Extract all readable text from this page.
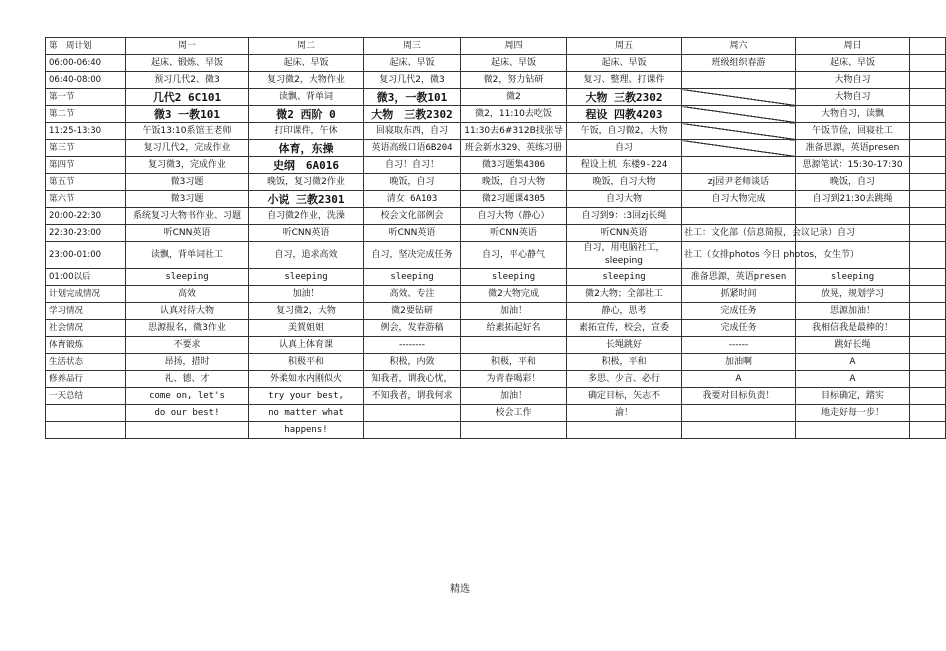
第　周计划	周一	周二	周三	周四	周五	周六	周日	
06:00-06:40	起床、锻炼、早饭	起床、早饭	起床、早饭	起床、早饭	起床、早饭	班级组织春游	起床、早饭	
06:40-08:00	预习几代2、微3	复习微2，大物作业	复习几代2，微3	微2，努力钻研	复习、整理、打课件		大物自习	
第一节	几代2 6C101	读飘、背单词	微3，一教101	微2	大物 三教2302		大物自习	
第二节	微3 一教101	微2 西阶 0	大物　三教2302	微2，11:10去吃饭	程设 四教4203		大物自习，读飘	
11:25-13:30	午饭13:10系馆王老师	打印课件，午休	回寝取东西，自习	11:30去6#312B找张导	午饭，自习微2，大物		午饭节俭，回寝社工	
第三节	复习几代2，完成作业	体育，东操	英语高级口语6B204	班会新水329、英练习册	自习		准备思源，英语presen	
第四节	复习微3，完成作业	史纲　6A016	自习！自习！	微3习题集4306	程设上机 东楼9-224		思源笔试：15:30-17:30	
第五节	微3习题	晚饭，复习微2作业	晚饭，自习	晚饭，自习大物	晚饭，自习大物	zj园尹老师谈话	晚饭，自习	
第六节	微3习题	小说 三教2301	清女 6A103	微2习题课4305	自习大物	自习大物完成	自习到21:30去跳绳	
20:00-22:30	系统复习大物书作业、习题	自习微2作业，洗澡	校会文化部例会	自习大物（静心）	自习到9：:3回zj长绳			
22:30-23:00	听CNN英语	听CNN英语	听CNN英语	听CNN英语	听CNN英语	社工：文化部（信息简报，会议记录）自习		
23:00-01:00	读飘，背单词社工	自习，追求高效	自习，坚决完成任务	自习，平心静气	自习，用电脑社工，sleeping	社工（女排photos 今日 photos，女生节）		
01:00以后	sleeping	sleeping	sleeping	sleeping	sleeping	准备思源，英语presen	sleeping	
计划完成情况	高效	加油！	高效、专注	微2大物完成	微2大物；全部社工	抓紧时间	放晃，规划学习	
学习情况	认真对待大物	复习微2，大物	微2要钻研	加油！	静心，思考	完成任务	思源加油！	
社会情况	思源报名，微3作业	美賀姐姐	例会，发春游稿	给素拓起好名	素拓宣传，校会，宣委	完成任务	我相信我是最棒的！	
体育锻炼	不要求	认真上体育课	--------		长绳跳好	------	跳好长绳	
生活状态	昂扬，措时	积极平和	积极，内敛	积极，平和	积极，平和	加油啊	A	
修养品行	礼、德、才	外柔如水内刚似火	知我者，谓我心忧，	为青春喝彩！	多思、少言、必行	A	A	
一天总结	come on, let's	try your best,	不知我者，谓我何求	加油！	确定目标，矢志不	我要对目标负责！	目标确定，踏实	
	do our best!	no matter what		校会工作	渝！		地走好每一步！	
		happens!						
精选
